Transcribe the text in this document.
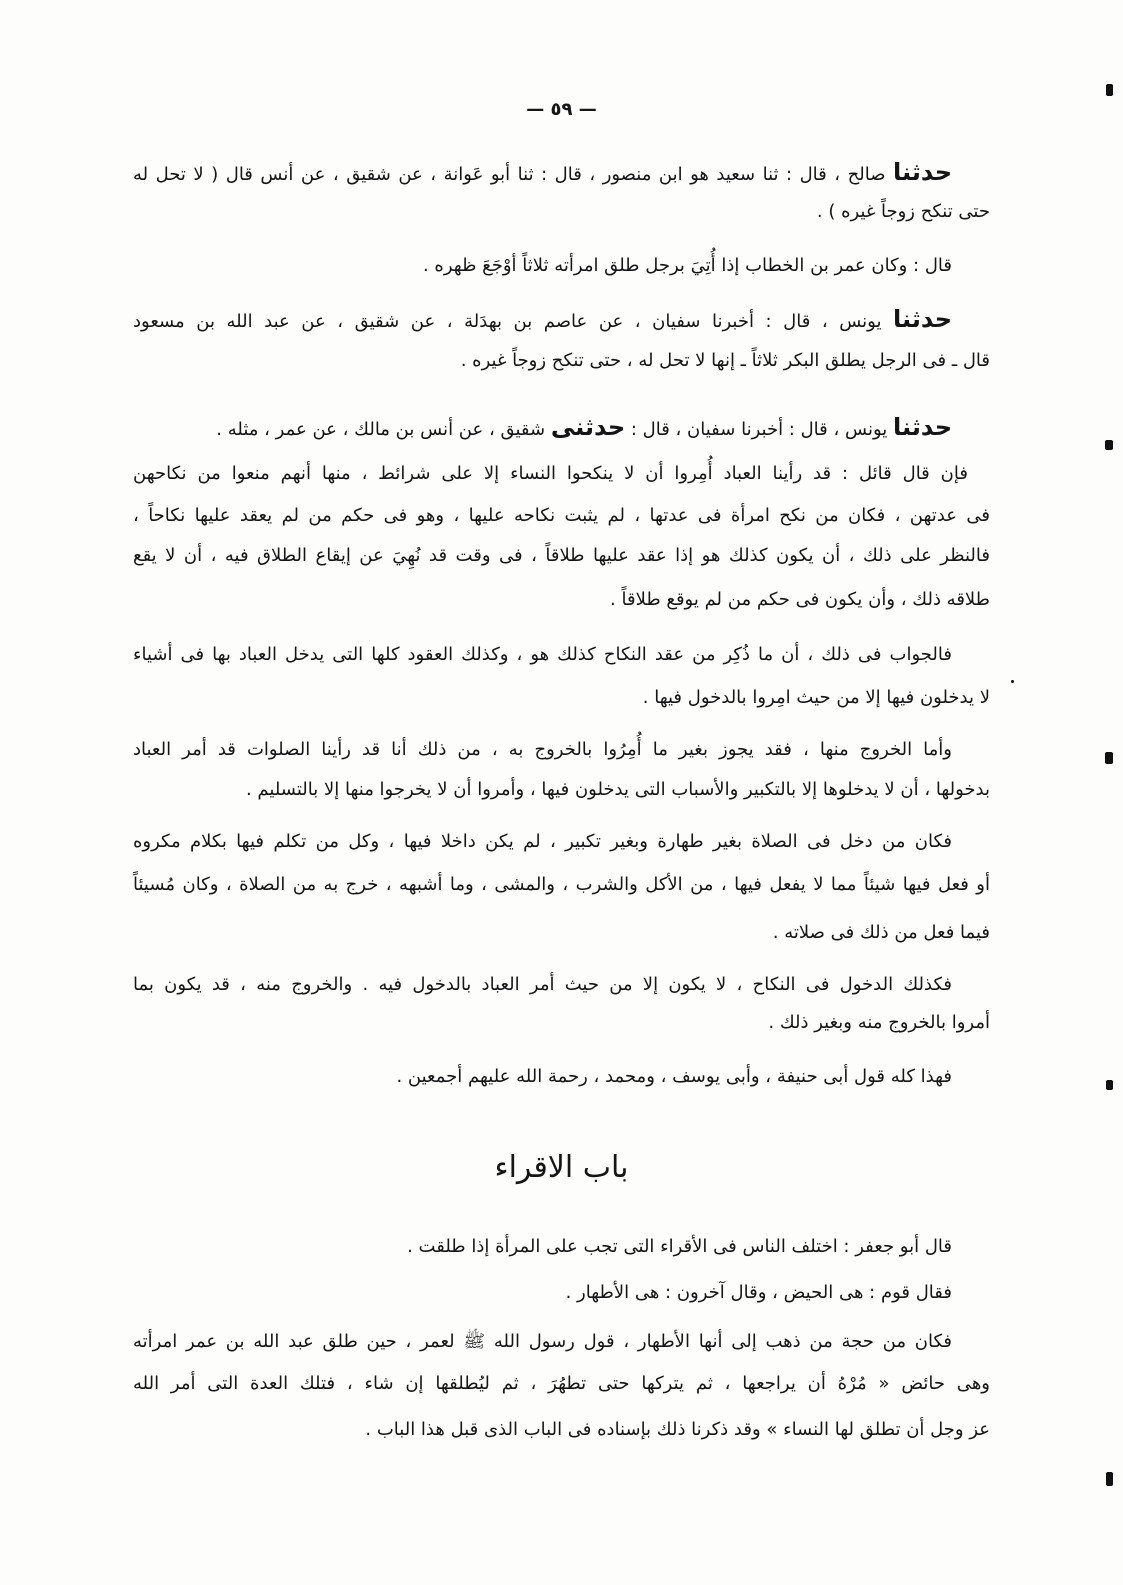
— ٥٩ —
حدثنا صالح ، قال : ثنا سعيد هو ابن منصور ، قال : ثنا أبو عَوانة ، عن شقيق ، عن أنس قال ( لا تحل له
حتى تنكح زوجاً غيره ) .
قال : وكان عمر بن الخطاب إذا أُتِيَ برجل طلق امرأته ثلاثاً أوْجَعَ ظهره .
حدثنا يونس ، قال : أخبرنا سفيان ، عن عاصم بن بهدَلة ، عن شقيق ، عن عبد الله بن مسعود
قال ـ فى الرجل يطلق البكر ثلاثاً ـ إنها لا تحل له ، حتى تنكح زوجاً غيره .
حدثنا يونس ، قال : أخبرنا سفيان ، قال : حدثنى شقيق ، عن أنس بن مالك ، عن عمر ، مثله .
فإن قال قائل : قد رأينا العباد أُمِروا أن لا ينكحوا النساء إلا على شرائط ، منها أنهم منعوا من نكاحهن
فى عدتهن ، فكان من نكح امرأة فى عدتها ، لم يثبت نكاحه عليها ، وهو فى حكم من لم يعقد عليها نكاحاً ،
فالنظر على ذلك ، أن يكون كذلك هو إذا عقد عليها طلاقاً ، فى وقت قد نُهِيَ عن إيقاع الطلاق فيه ، أن لا يقع
طلاقه ذلك ، وأن يكون فى حكم من لم يوقع طلاقاً .
فالجواب فى ذلك ، أن ما ذُكِر من عقد النكاح كذلك هو ، وكذلك العقود كلها التى يدخل العباد بها فى أشياء
لا يدخلون فيها إلا من حيث امِروا بالدخول فيها .
وأما الخروج منها ، فقد يجوز بغير ما أُمِرُوا بالخروج به ، من ذلك أنا قد رأينا الصلوات قد أمر العباد
بدخولها ، أن لا يدخلوها إلا بالتكبير والأسباب التى يدخلون فيها ، وأمروا أن لا يخرجوا منها إلا بالتسليم .
فكان من دخل فى الصلاة بغير طهارة وبغير تكبير ، لم يكن داخلا فيها ، وكل من تكلم فيها بكلام مكروه
أو فعل فيها شيئاً مما لا يفعل فيها ، من الأكل والشرب ، والمشى ، وما أشبهه ، خرج به من الصلاة ، وكان مُسيئاً
فيما فعل من ذلك فى صلاته .
فكذلك الدخول فى النكاح ، لا يكون إلا من حيث أمر العباد بالدخول فيه . والخروج منه ، قد يكون بما
أمروا بالخروج منه وبغير ذلك .
فهذا كله قول أبى حنيفة ، وأبى يوسف ، ومحمد ، رحمة الله عليهم أجمعين .
باب الاقراء
قال أبو جعفر : اختلف الناس فى الأقراء التى تجب على المرأة إذا طلقت .
فقال قوم : هى الحيض ، وقال آخرون : هى الأطهار .
فكان من حجة من ذهب إلى أنها الأطهار ، قول رسول الله ﷺ لعمر ، حين طلق عبد الله بن عمر امرأته
وهى حائض « مُرْهُ أن يراجعها ، ثم يتركها حتى تطهُرَ ، ثم ليُطلقها إن شاء ، فتلك العدة التى أمر الله
عز وجل أن تطلق لها النساء » وقد ذكرنا ذلك بإسناده فى الباب الذى قبل هذا الباب .
